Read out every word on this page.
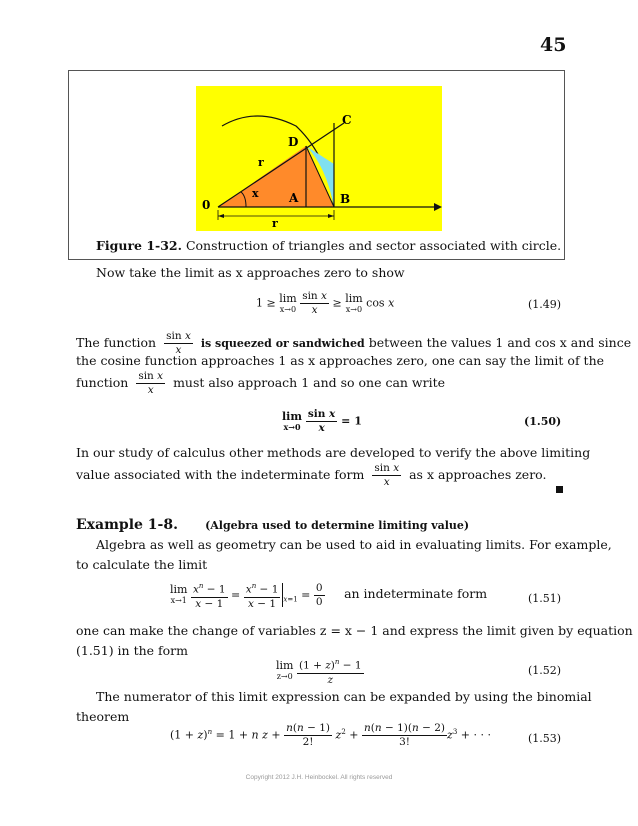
45
C
D
r
x	A	B
0
r
Figure 1-32. Construction of triangles and sector associated with circle.
Now take the limit as x approaches zero to show
1 ≥ lim
x→0
$\frac{\text{sin x}}{x} \ge \lim$
x→0 cos x	(1.49)
The function $\frac{\text{sin x}}{x}$ is squeezed or sandwiched between the values 1 and cos x and since
the cosine function approaches 1 as x approaches zero, one can say the limit of the
function $\frac{\text{sin x}}{x}$ must also approach 1 and so one can write
lim
x→0
$\frac{\text{sin x}}{x} = 1$	(1.50)
In our study of calculus other methods are developed to verify the above limiting
value associated with the indeterminate form $\frac{\text{sin x}}{x}$ as x approaches zero.
Example 1-8. (Algebra used to determine limiting value)
Algebra as well as geometry can be used to aid in evaluating limits. For example,
to calculate the limit
lim
x→1
$\frac{x^n - 1}{x - 1} = \frac{x^n - 1}{x - 1} _{x=1} = \frac{0}{0}$ an indeterminate form	(1.51)
one can make the change of variables z = x − 1 and express the limit given by equation
(1.51) in the form
lim
z→0
$\frac{(1 + z)^n - 1}{z}$	(1.52)
The numerator of this limit expression can be expanded by using the binomial
theorem
$(1 + z)^n = 1 + n$ $z + \frac{n(n - 1)}{2!} z^2 + \frac{n(n - 1)(n - 2)}{3!} z^3$ + · · ·	(1.53)
Copyright 2012 J.H. Heinbockel. All rights reserved
